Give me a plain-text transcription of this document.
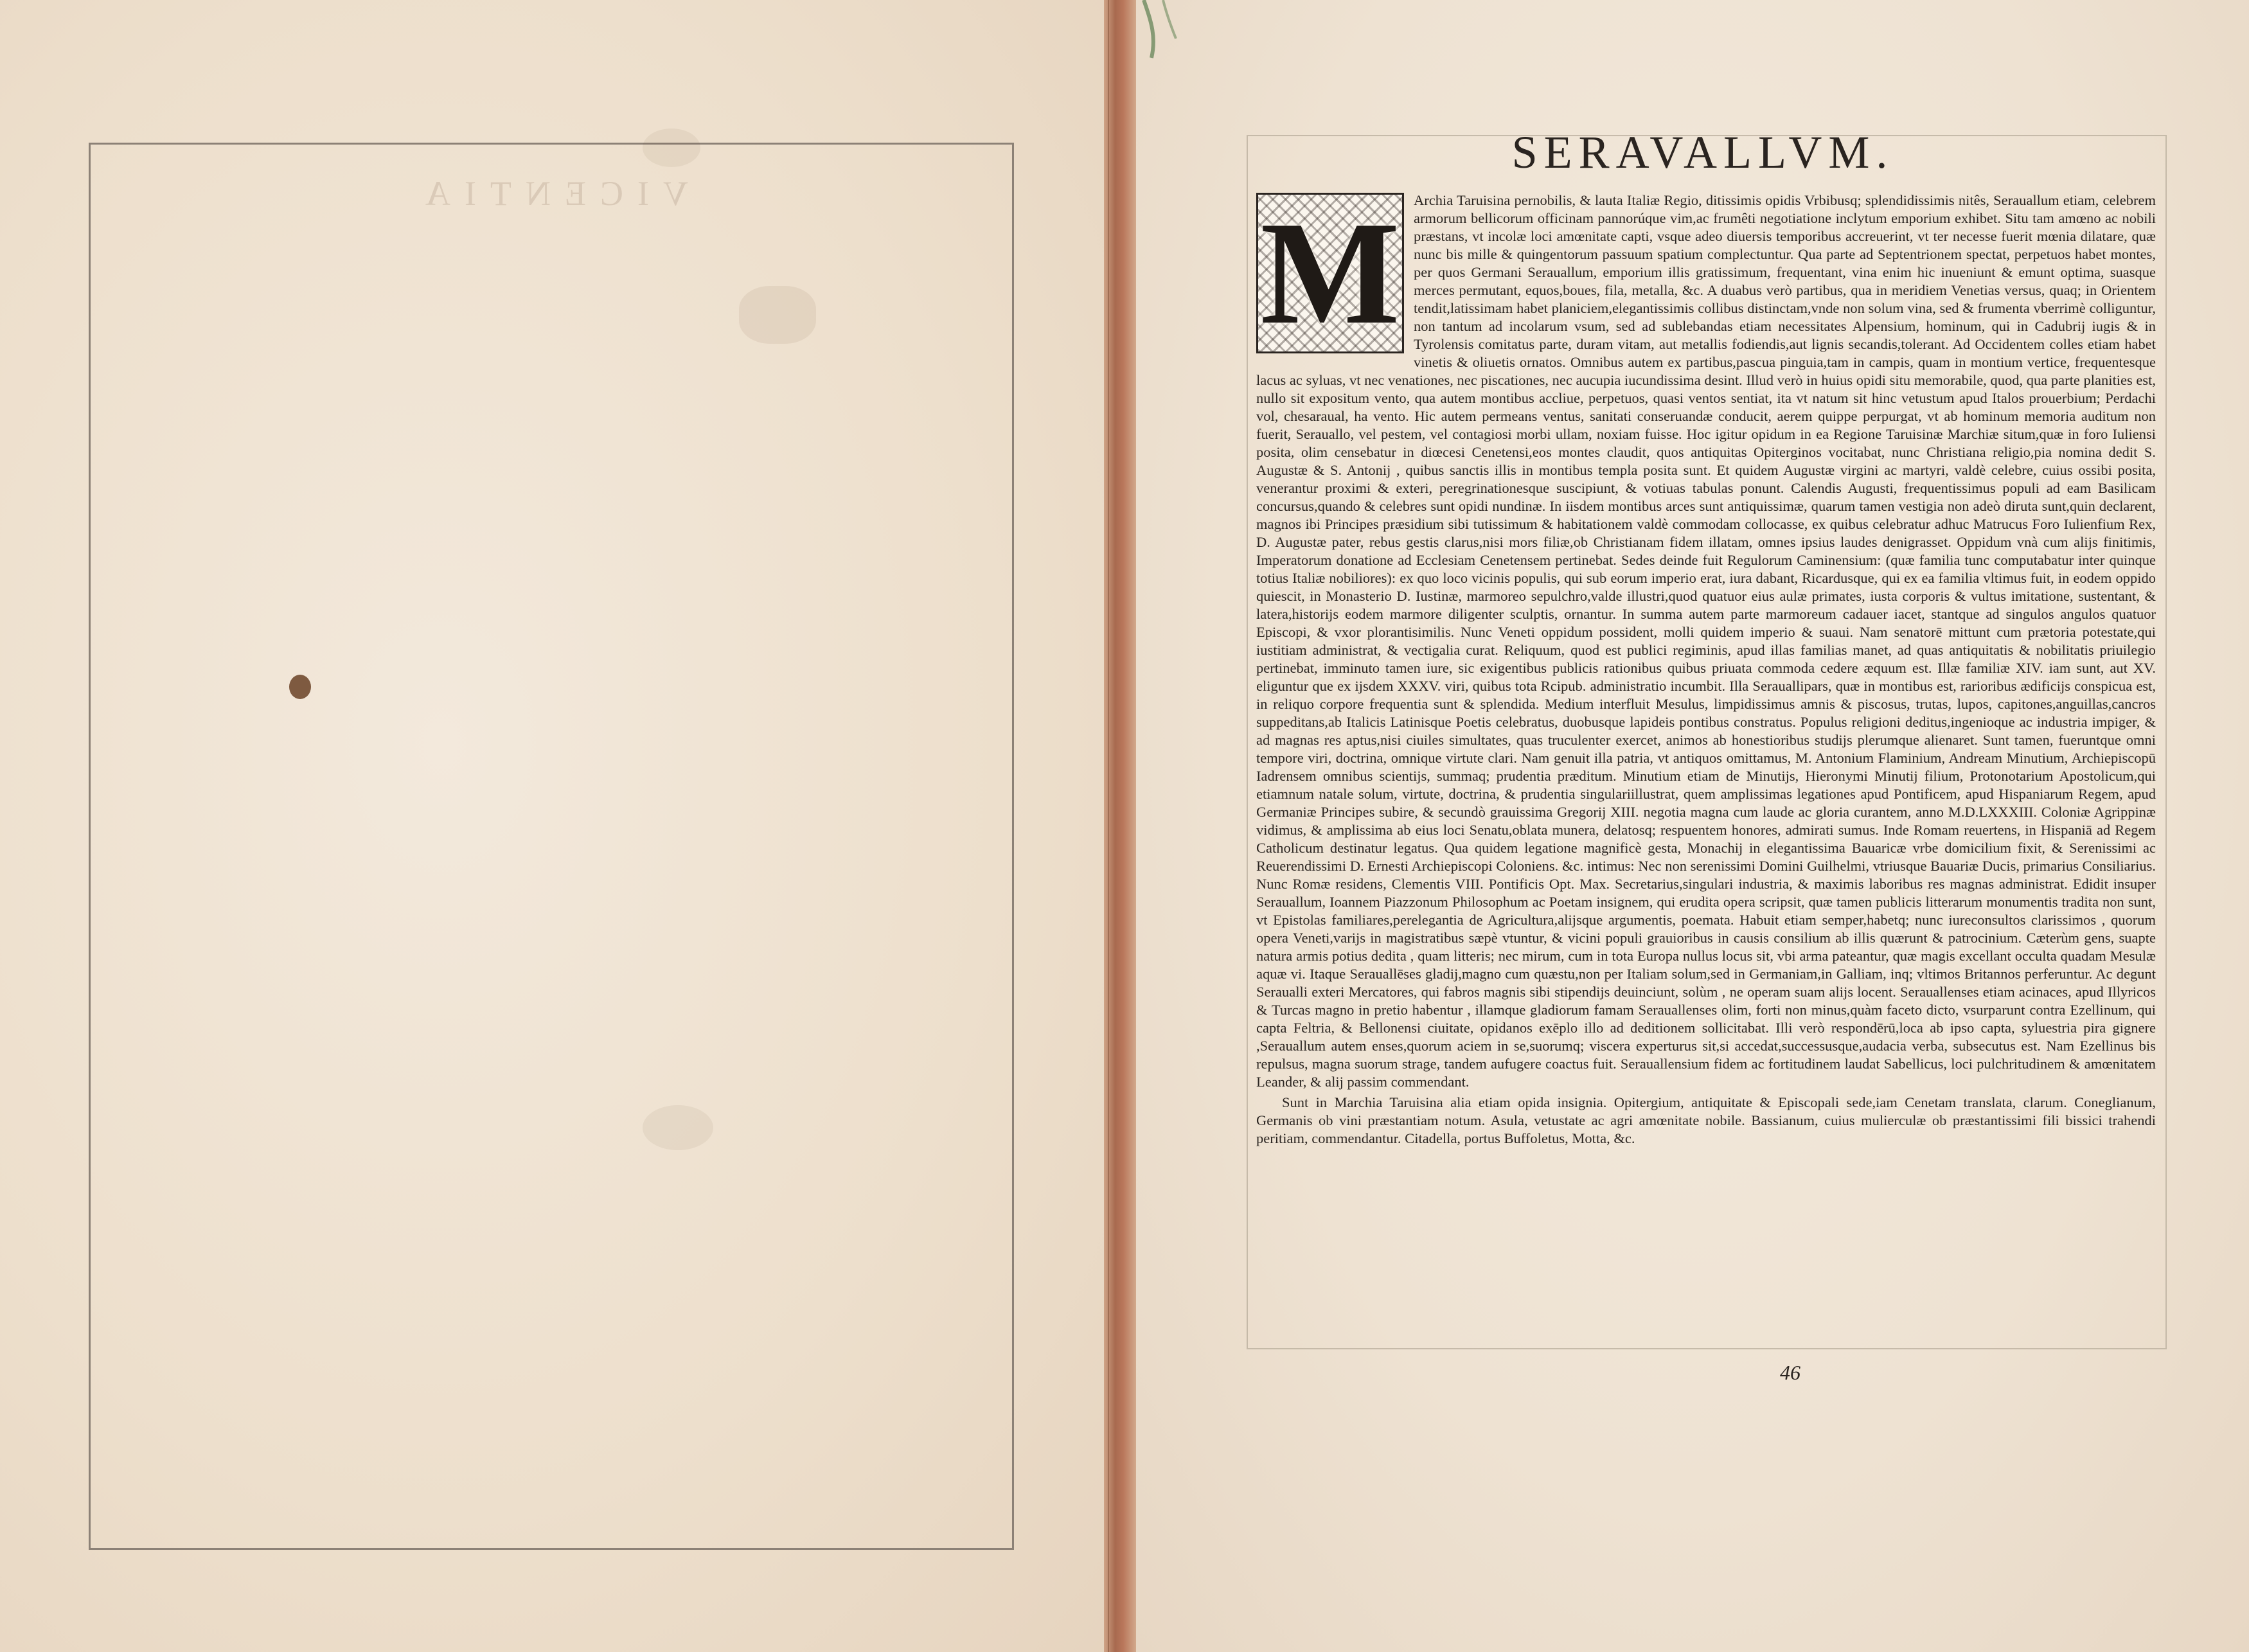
VICENTIA
SERAVALLVM.

Archia Taruisina pernobilis, & lauta Italiæ Regio, ditissimis opidis Vrbibusq; splendidissimis nitês, Serauallum etiam, celebrem armorum bellicorum officinam pannorúque vim,ac frumêti negotiatione inclytum emporium exhibet. Situ tam amœno ac nobili præstans, vt incolæ loci amœnitate capti, vsque adeo diuersis temporibus accreuerint, vt ter necesse fuerit mœnia dilatare, quæ nunc bis mille & quingentorum passuum spatium complectuntur. Qua parte ad Septentrionem spectat, perpetuos habet montes, per quos Germani Serauallum, emporium illis gratissimum, frequentant, vina enim hic inueniunt & emunt optima, suasque merces permutant, equos,boues, fila, metalla, &c. A duabus verò partibus, qua in meridiem Venetias versus, quaq; in Orientem tendit,latissimam habet planiciem,elegantissimis collibus distinctam,vnde non solum vina, sed & frumenta vberrimè colliguntur, non tantum ad incolarum vsum, sed ad sublebandas etiam necessitates Alpensium, hominum, qui in Cadubrij iugis & in Tyrolensis comitatus parte, duram vitam, aut metallis fodiendis,aut lignis secandis,tolerant. Ad Occidentem colles etiam habet vinetis & oliuetis ornatos. Omnibus autem ex partibus,pascua pinguia,tam in campis, quam in montium vertice, frequentesque lacus ac syluas, vt nec venationes, nec piscationes, nec aucupia iucundissima desint. Illud verò in huius opidi situ memorabile, quod, qua parte planities est, nullo sit expositum vento, qua autem montibus accliue, perpetuos, quasi ventos sentiat, ita vt natum sit hinc vetustum apud Italos prouerbium; Perdachi vol, chesaraual, ha vento. Hic autem permeans ventus, sanitati conseruandæ conducit, aerem quippe perpurgat, vt ab hominum memoria auditum non fuerit, Serauallo, vel pestem, vel contagiosi morbi ullam, noxiam fuisse. Hoc igitur opidum in ea Regione Taruisinæ Marchiæ situm,quæ in foro Iuliensi posita, olim censebatur in diœcesi Cenetensi,eos montes claudit, quos antiquitas Opiterginos vocitabat, nunc Christiana religio,pia nomina dedit S. Augustæ & S. Antonij , quibus sanctis illis in montibus templa posita sunt. Et quidem Augustæ virgini ac martyri, valdè celebre, cuius ossibi posita, venerantur proximi & exteri, peregrinationesque suscipiunt, & votiuas tabulas ponunt. Calendis Augusti, frequentissimus populi ad eam Basilicam concursus,quando & celebres sunt opidi nundinæ. In iisdem montibus arces sunt antiquissimæ, quarum tamen vestigia non adeò diruta sunt,quin declarent, magnos ibi Principes præsidium sibi tutissimum & habitationem valdè commodam collocasse, ex quibus celebratur adhuc Matrucus Foro Iulienfium Rex, D. Augustæ pater, rebus gestis clarus,nisi mors filiæ,ob Christianam fidem illatam, omnes ipsius laudes denigrasset. Oppidum vnà cum alijs finitimis, Imperatorum donatione ad Ecclesiam Cenetensem pertinebat. Sedes deinde fuit Regulorum Caminensium: (quæ familia tunc computabatur inter quinque totius Italiæ nobiliores): ex quo loco vicinis populis, qui sub eorum imperio erat, iura dabant, Ricardusque, qui ex ea familia vltimus fuit, in eodem oppido quiescit, in Monasterio D. Iustinæ, marmoreo sepulchro,valde illustri,quod quatuor eius aulæ primates, iusta corporis & vultus imitatione, sustentant, & latera,historijs eodem marmore diligenter sculptis, ornantur. In summa autem parte marmoreum cadauer iacet, stantque ad singulos angulos quatuor Episcopi, & vxor plorantisimilis. Nunc Veneti oppidum possident, molli quidem imperio & suaui. Nam senatorē mittunt cum prætoria potestate,qui iustitiam administrat, & vectigalia curat. Reliquum, quod est publici regiminis, apud illas familias manet, ad quas antiquitatis & nobilitatis priuilegio pertinebat, imminuto tamen iure, sic exigentibus publicis rationibus quibus priuata commoda cedere æquum est. Illæ familiæ XIV. iam sunt, aut XV. eliguntur que ex ijsdem XXXV. viri, quibus tota Rcipub. administratio incumbit. Illa Serauallipars, quæ in montibus est, rarioribus ædificijs conspicua est, in reliquo corpore frequentia sunt & splendida. Medium interfluit Mesulus, limpidissimus amnis & piscosus, trutas, lupos, capitones,anguillas,cancros suppeditans,ab Italicis Latinisque Poetis celebratus, duobusque lapideis pontibus constratus. Populus religioni deditus,ingenioque ac industria impiger, & ad magnas res aptus,nisi ciuiles simultates, quas truculenter exercet, animos ab honestioribus studijs plerumque alienaret. Sunt tamen, fueruntque omni tempore viri, doctrina, omnique virtute clari. Nam genuit illa patria, vt antiquos omittamus, M. Antonium Flaminium, Andream Minutium, Archiepiscopū Iadrensem omnibus scientijs, summaq; prudentia præditum. Minutium etiam de Minutijs, Hieronymi Minutij filium, Protonotarium Apostolicum,qui etiamnum natale solum, virtute, doctrina, & prudentia singulariillustrat, quem amplissimas legationes apud Pontificem, apud Hispaniarum Regem, apud Germaniæ Principes subire, & secundò grauissima Gregorij XIII. negotia magna cum laude ac gloria curantem, anno M.D.LXXXIII. Coloniæ Agrippinæ vidimus, & amplissima ab eius loci Senatu,oblata munera, delatosq; respuentem honores, admirati sumus. Inde Romam reuertens, in Hispaniā ad Regem Catholicum destinatur legatus. Qua quidem legatione magnificè gesta, Monachij in elegantissima Bauaricæ vrbe domicilium fixit, & Serenissimi ac Reuerendissimi D. Ernesti Archiepiscopi Coloniens. &c. intimus: Nec non serenissimi Domini Guilhelmi, vtriusque Bauariæ Ducis, primarius Consiliarius. Nunc Romæ residens, Clementis VIII. Pontificis Opt. Max. Secretarius,singulari industria, & maximis laboribus res magnas administrat. Edidit insuper Serauallum, Ioannem Piazzonum Philosophum ac Poetam insignem, qui erudita opera scripsit, quæ tamen publicis litterarum monumentis tradita non sunt, vt Epistolas familiares,perelegantia de Agricultura,alijsque argumentis, poemata. Habuit etiam semper,habetq; nunc iureconsultos clarissimos , quorum opera Veneti,varijs in magistratibus sæpè vtuntur, & vicini populi grauioribus in causis consilium ab illis quærunt & patrocinium. Cæterùm gens, suapte natura armis potius dedita , quam litteris; nec mirum, cum in tota Europa nullus locus sit, vbi arma pateantur, quæ magis excellant occulta quadam Mesulæ aquæ vi. Itaque Serauallēses gladij,magno cum quæstu,non per Italiam solum,sed in Germaniam,in Galliam, inq; vltimos Britannos perferuntur. Ac degunt Seraualli exteri Mercatores, qui fabros magnis sibi stipendijs deuinciunt, solùm , ne operam suam alijs locent. Serauallenses etiam acinaces, apud Illyricos & Turcas magno in pretio habentur , illamque gladiorum famam Serauallenses olim, forti non minus,quàm faceto dicto, vsurparunt contra Ezellinum, qui capta Feltria, & Bellonensi ciuitate, opidanos exēplo illo ad deditionem sollicitabat. Illi verò respondērū,loca ab ipso capta, syluestria pira gignere ,Serauallum autem enses,quorum aciem in se,suorumq; viscera experturus sit,si accedat,successusque,audacia verba, subsecutus est. Nam Ezellinus bis repulsus, magna suorum strage, tandem aufugere coactus fuit. Serauallensium fidem ac fortitudinem laudat Sabellicus, loci pulchritudinem & amœnitatem Leander, & alij passim commendant.

Sunt in Marchia Taruisina alia etiam opida insignia. Opitergium, antiquitate & Episcopali sede,iam Cenetam translata, clarum. Coneglianum, Germanis ob vini præstantiam notum. Asula, vetustate ac agri amœnitate nobile. Bassianum, cuius mulierculæ ob præstantissimi fili bissici trahendi peritiam, commendantur. Citadella, portus Buffoletus, Motta, &c.

M
46
